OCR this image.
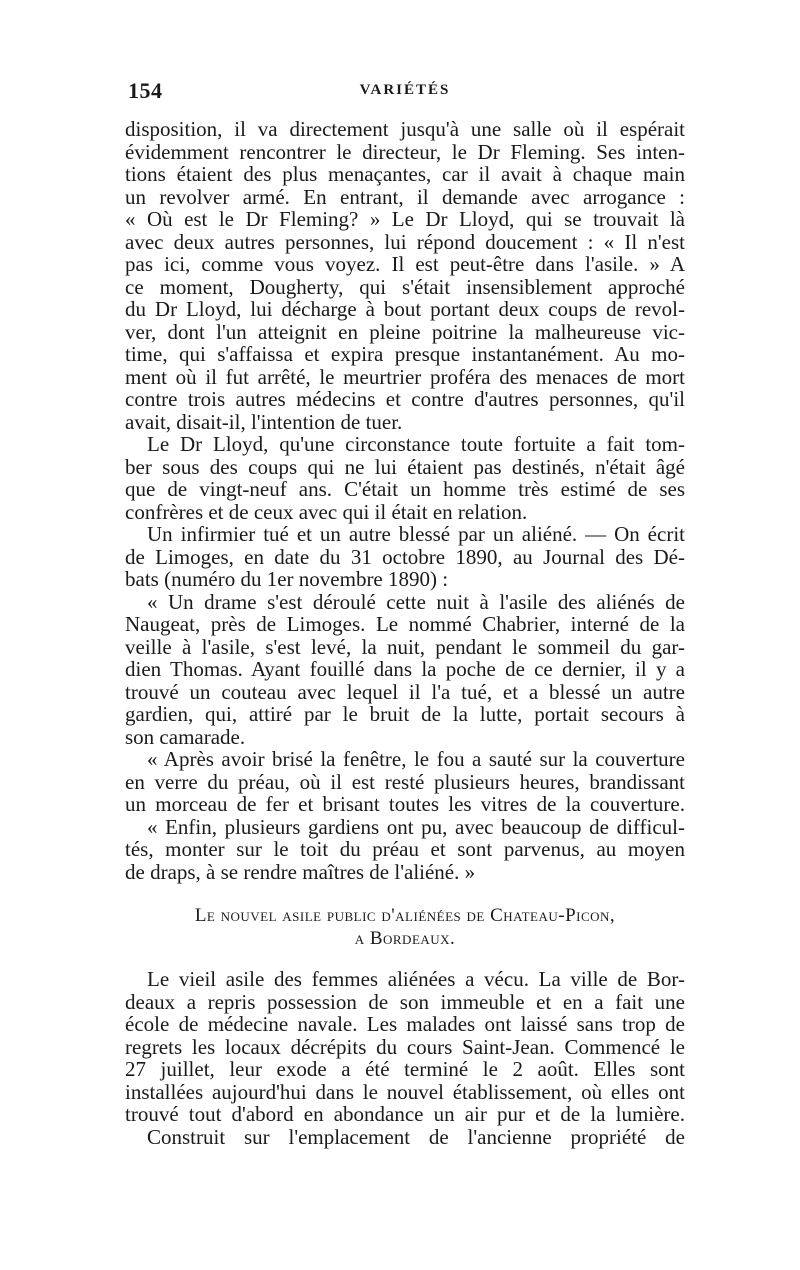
154	VARIÉTÉS
disposition, il va directement jusqu'à une salle où il espérait
évidemment rencontrer le directeur, le Dr Fleming. Ses inten-
tions étaient des plus menaçantes, car il avait à chaque main
un revolver armé. En entrant, il demande avec arrogance :
« Où est le Dr Fleming? » Le Dr Lloyd, qui se trouvait là
avec deux autres personnes, lui répond doucement : « Il n'est
pas ici, comme vous voyez. Il est peut-être dans l'asile. » A
ce moment, Dougherty, qui s'était insensiblement approché
du Dr Lloyd, lui décharge à bout portant deux coups de revol-
ver, dont l'un atteignit en pleine poitrine la malheureuse vic-
time, qui s'affaissa et expira presque instantanément. Au mo-
ment où il fut arrêté, le meurtrier proféra des menaces de mort
contre trois autres médecins et contre d'autres personnes, qu'il
avait, disait-il, l'intention de tuer.
Le Dr Lloyd, qu'une circonstance toute fortuite a fait tom-
ber sous des coups qui ne lui étaient pas destinés, n'était âgé
que de vingt-neuf ans. C'était un homme très estimé de ses
confrères et de ceux avec qui il était en relation.
Un infirmier tué et un autre blessé par un aliéné. — On écrit
de Limoges, en date du 31 octobre 1890, au Journal des Dé-
bats (numéro du 1er novembre 1890) :
« Un drame s'est déroulé cette nuit à l'asile des aliénés de
Naugeat, près de Limoges. Le nommé Chabrier, interné de la
veille à l'asile, s'est levé, la nuit, pendant le sommeil du gar-
dien Thomas. Ayant fouillé dans la poche de ce dernier, il y a
trouvé un couteau avec lequel il l'a tué, et a blessé un autre
gardien, qui, attiré par le bruit de la lutte, portait secours à
son camarade.
« Après avoir brisé la fenêtre, le fou a sauté sur la couverture
en verre du préau, où il est resté plusieurs heures, brandissant
un morceau de fer et brisant toutes les vitres de la couverture.
« Enfin, plusieurs gardiens ont pu, avec beaucoup de difficul-
tés, monter sur le toit du préau et sont parvenus, au moyen
de draps, à se rendre maîtres de l'aliéné. »
Le nouvel asile public d'aliénées de Chateau-Picon,
a Bordeaux.
Le vieil asile des femmes aliénées a vécu. La ville de Bor-
deaux a repris possession de son immeuble et en a fait une
école de médecine navale. Les malades ont laissé sans trop de
regrets les locaux décrépits du cours Saint-Jean. Commencé le
27 juillet, leur exode a été terminé le 2 août. Elles sont
installées aujourd'hui dans le nouvel établissement, où elles ont
trouvé tout d'abord en abondance un air pur et de la lumière.
Construit sur l'emplacement de l'ancienne propriété de
